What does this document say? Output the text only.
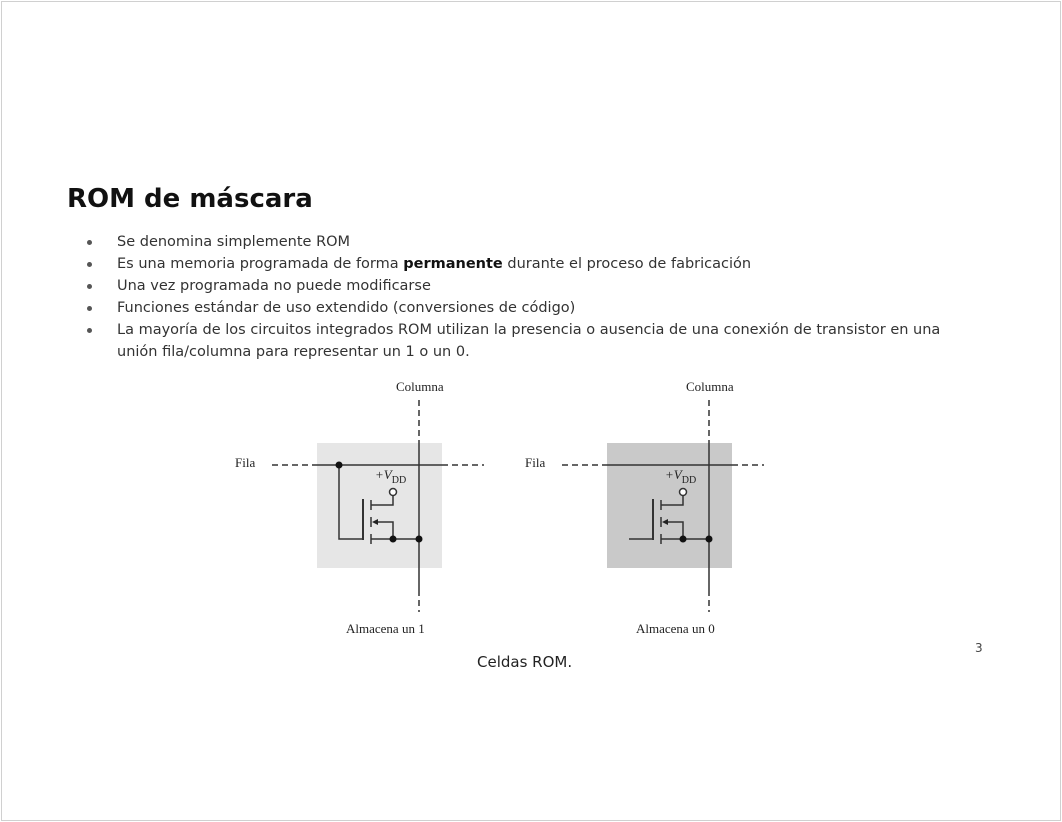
ROM de máscara
Se denomina simplemente ROM
Es una memoria programada de forma permanente durante el proceso de fabricación
Una vez programada no puede modificarse
Funciones estándar de uso extendido (conversiones de código)
La mayoría de los circuitos integrados ROM utilizan la presencia o ausencia de una conexión de transistor en una unión fila/columna para representar un 1 o un 0.
Columna
Fila
Almacena un 1
$+V_{DD}$
Columna
Fila
Almacena un 0
$+V_{DD}$
Celdas ROM.
3
